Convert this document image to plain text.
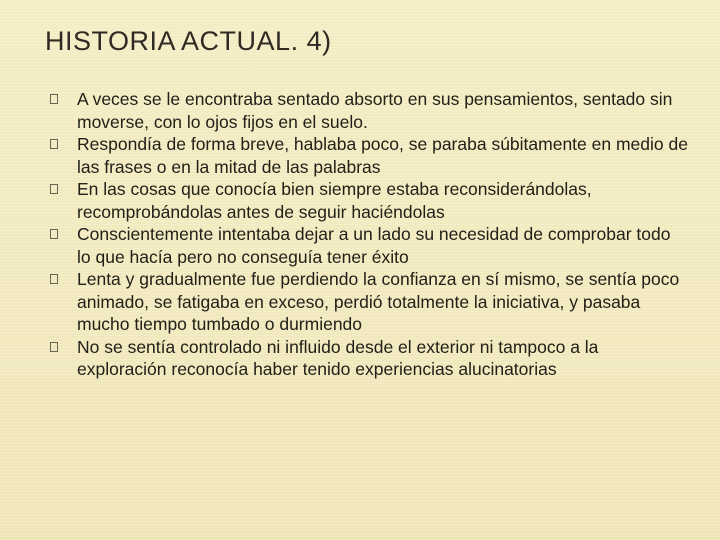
HISTORIA ACTUAL. 4)
A veces se le encontraba sentado absorto en sus pensamientos, sentado sin moverse, con lo ojos fijos en el suelo.
Respondía de forma breve, hablaba poco, se paraba súbitamente en medio de las frases o en la mitad de las palabras
En las cosas que conocía bien siempre estaba reconsiderándolas, recomprobándolas antes de seguir haciéndolas
Conscientemente intentaba dejar a un lado su necesidad de comprobar todo lo que hacía pero no conseguía tener éxito
Lenta y gradualmente fue perdiendo la confianza en sí mismo, se sentía poco animado, se fatigaba en exceso, perdió totalmente la iniciativa, y pasaba mucho tiempo tumbado o durmiendo
No se sentía controlado ni influido desde el exterior ni tampoco a la exploración reconocía haber tenido experiencias alucinatorias
